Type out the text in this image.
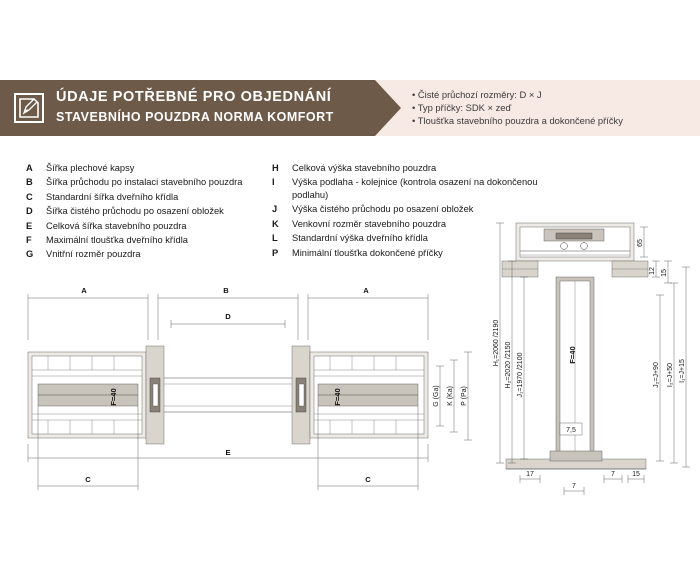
ÚDAJE POTŘEBNÉ PRO OBJEDNÁNÍ
STAVEBNÍHO POUZDRA NORMA KOMFORT
• Čisté průchozí rozměry: D × J
• Typ příčky: SDK × zeď
• Tloušťka stavebního pouzdra a dokončené příčky
A Šířka plechové kapsy
B Šířka průchodu po instalaci stavebního pouzdra
C Standardní šířka dveřního křídla
D Šířka čistého průchodu po osazení obložek
E Celková šířka stavebního pouzdra
F Maximální tloušťka dveřního křídla
G Vnitřní rozměr pouzdra
H Celková výška stavebního pouzdra
I Výška podlaha - kolejnice (kontrola osazení na dokončenou podlahu)
J Výška čistého průchodu po osazení obložek
K Venkovní rozměr stavebního pouzdra
L Standardní výška dveřního křídla
P Minimální tloušťka dokončené příčky
A	B	A
D
F=40	F=40	G (Ga) K (Ka) P (Pa)
E
C	C
F=40
7,5
65
12 15
H₁=2060 /2190 H₂=2020 /2150 J₁=1970 /2100	J₂=J+90 I₂=J+50 I₁=J+15
17
7
7 15
